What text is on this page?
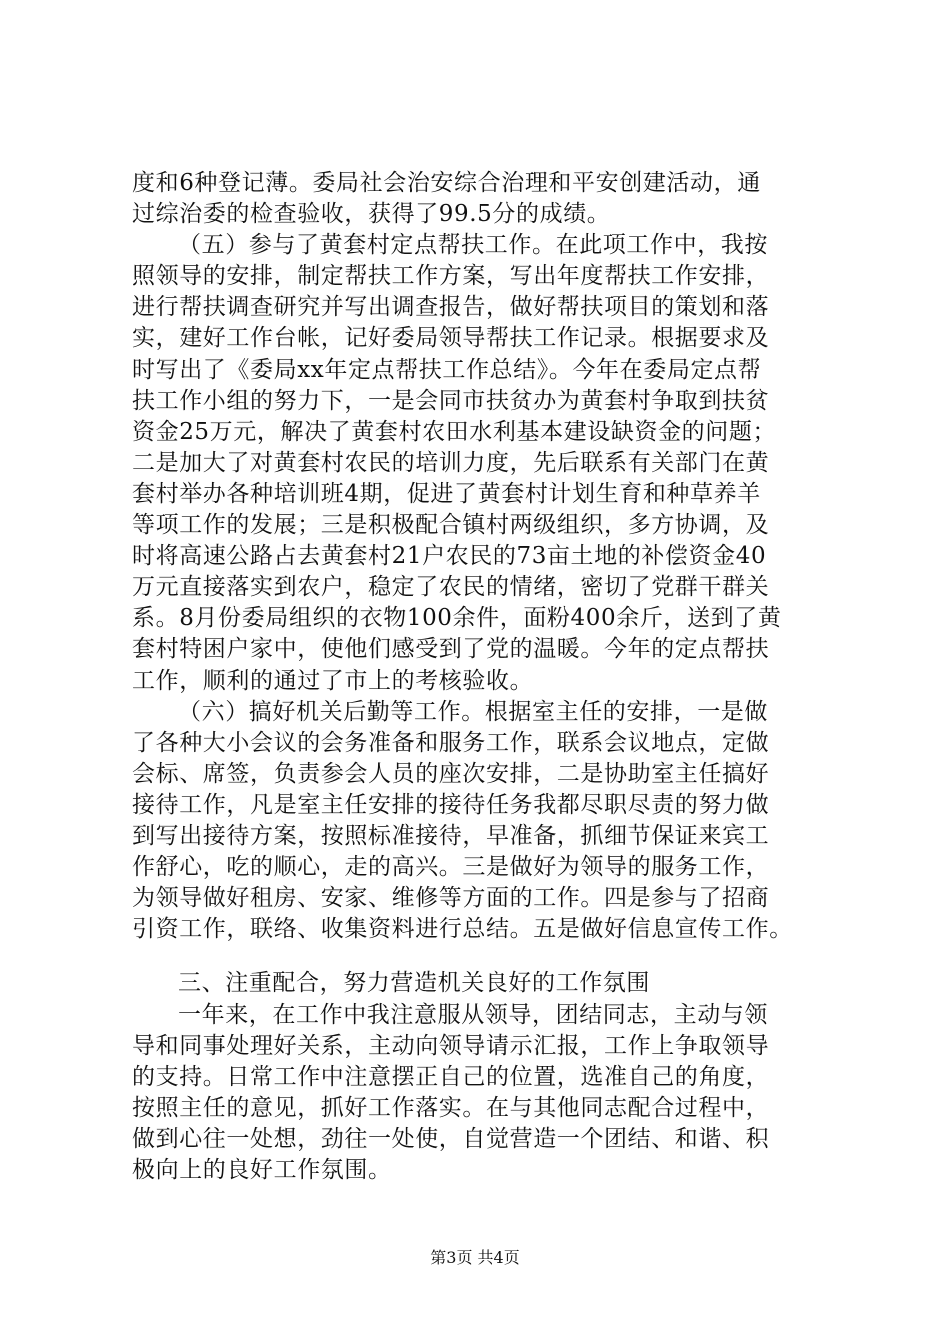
度和6种登记薄。委局社会治安综合治理和平安创建活动，通
过综治委的检查验收，获得了99.5分的成绩。
（五）参与了黄套村定点帮扶工作。在此项工作中，我按
照领导的安排，制定帮扶工作方案，写出年度帮扶工作安排，
进行帮扶调查研究并写出调查报告，做好帮扶项目的策划和落
实，建好工作台帐，记好委局领导帮扶工作记录。根据要求及
时写出了《委局xx年定点帮扶工作总结》。今年在委局定点帮
扶工作小组的努力下，一是会同市扶贫办为黄套村争取到扶贫
资金25万元，解决了黄套村农田水利基本建设缺资金的问题；
二是加大了对黄套村农民的培训力度，先后联系有关部门在黄
套村举办各种培训班4期，促进了黄套村计划生育和种草养羊
等项工作的发展；三是积极配合镇村两级组织，多方协调，及
时将高速公路占去黄套村21户农民的73亩土地的补偿资金40
万元直接落实到农户，稳定了农民的情绪，密切了党群干群关
系。8月份委局组织的衣物100余件，面粉400余斤，送到了黄
套村特困户家中，使他们感受到了党的温暖。今年的定点帮扶
工作，顺利的通过了市上的考核验收。
（六）搞好机关后勤等工作。根据室主任的安排，一是做
了各种大小会议的会务准备和服务工作，联系会议地点，定做
会标、席签，负责参会人员的座次安排，二是协助室主任搞好
接待工作，凡是室主任安排的接待任务我都尽职尽责的努力做
到写出接待方案，按照标准接待，早准备，抓细节保证来宾工
作舒心，吃的顺心，走的高兴。三是做好为领导的服务工作，
为领导做好租房、安家、维修等方面的工作。四是参与了招商
引资工作，联络、收集资料进行总结。五是做好信息宣传工作。
三、注重配合，努力营造机关良好的工作氛围
一年来，在工作中我注意服从领导，团结同志，主动与领
导和同事处理好关系，主动向领导请示汇报，工作上争取领导
的支持。日常工作中注意摆正自己的位置，选准自己的角度，
按照主任的意见，抓好工作落实。在与其他同志配合过程中，
做到心往一处想，劲往一处使，自觉营造一个团结、和谐、积
极向上的良好工作氛围。
第3页 共4页
